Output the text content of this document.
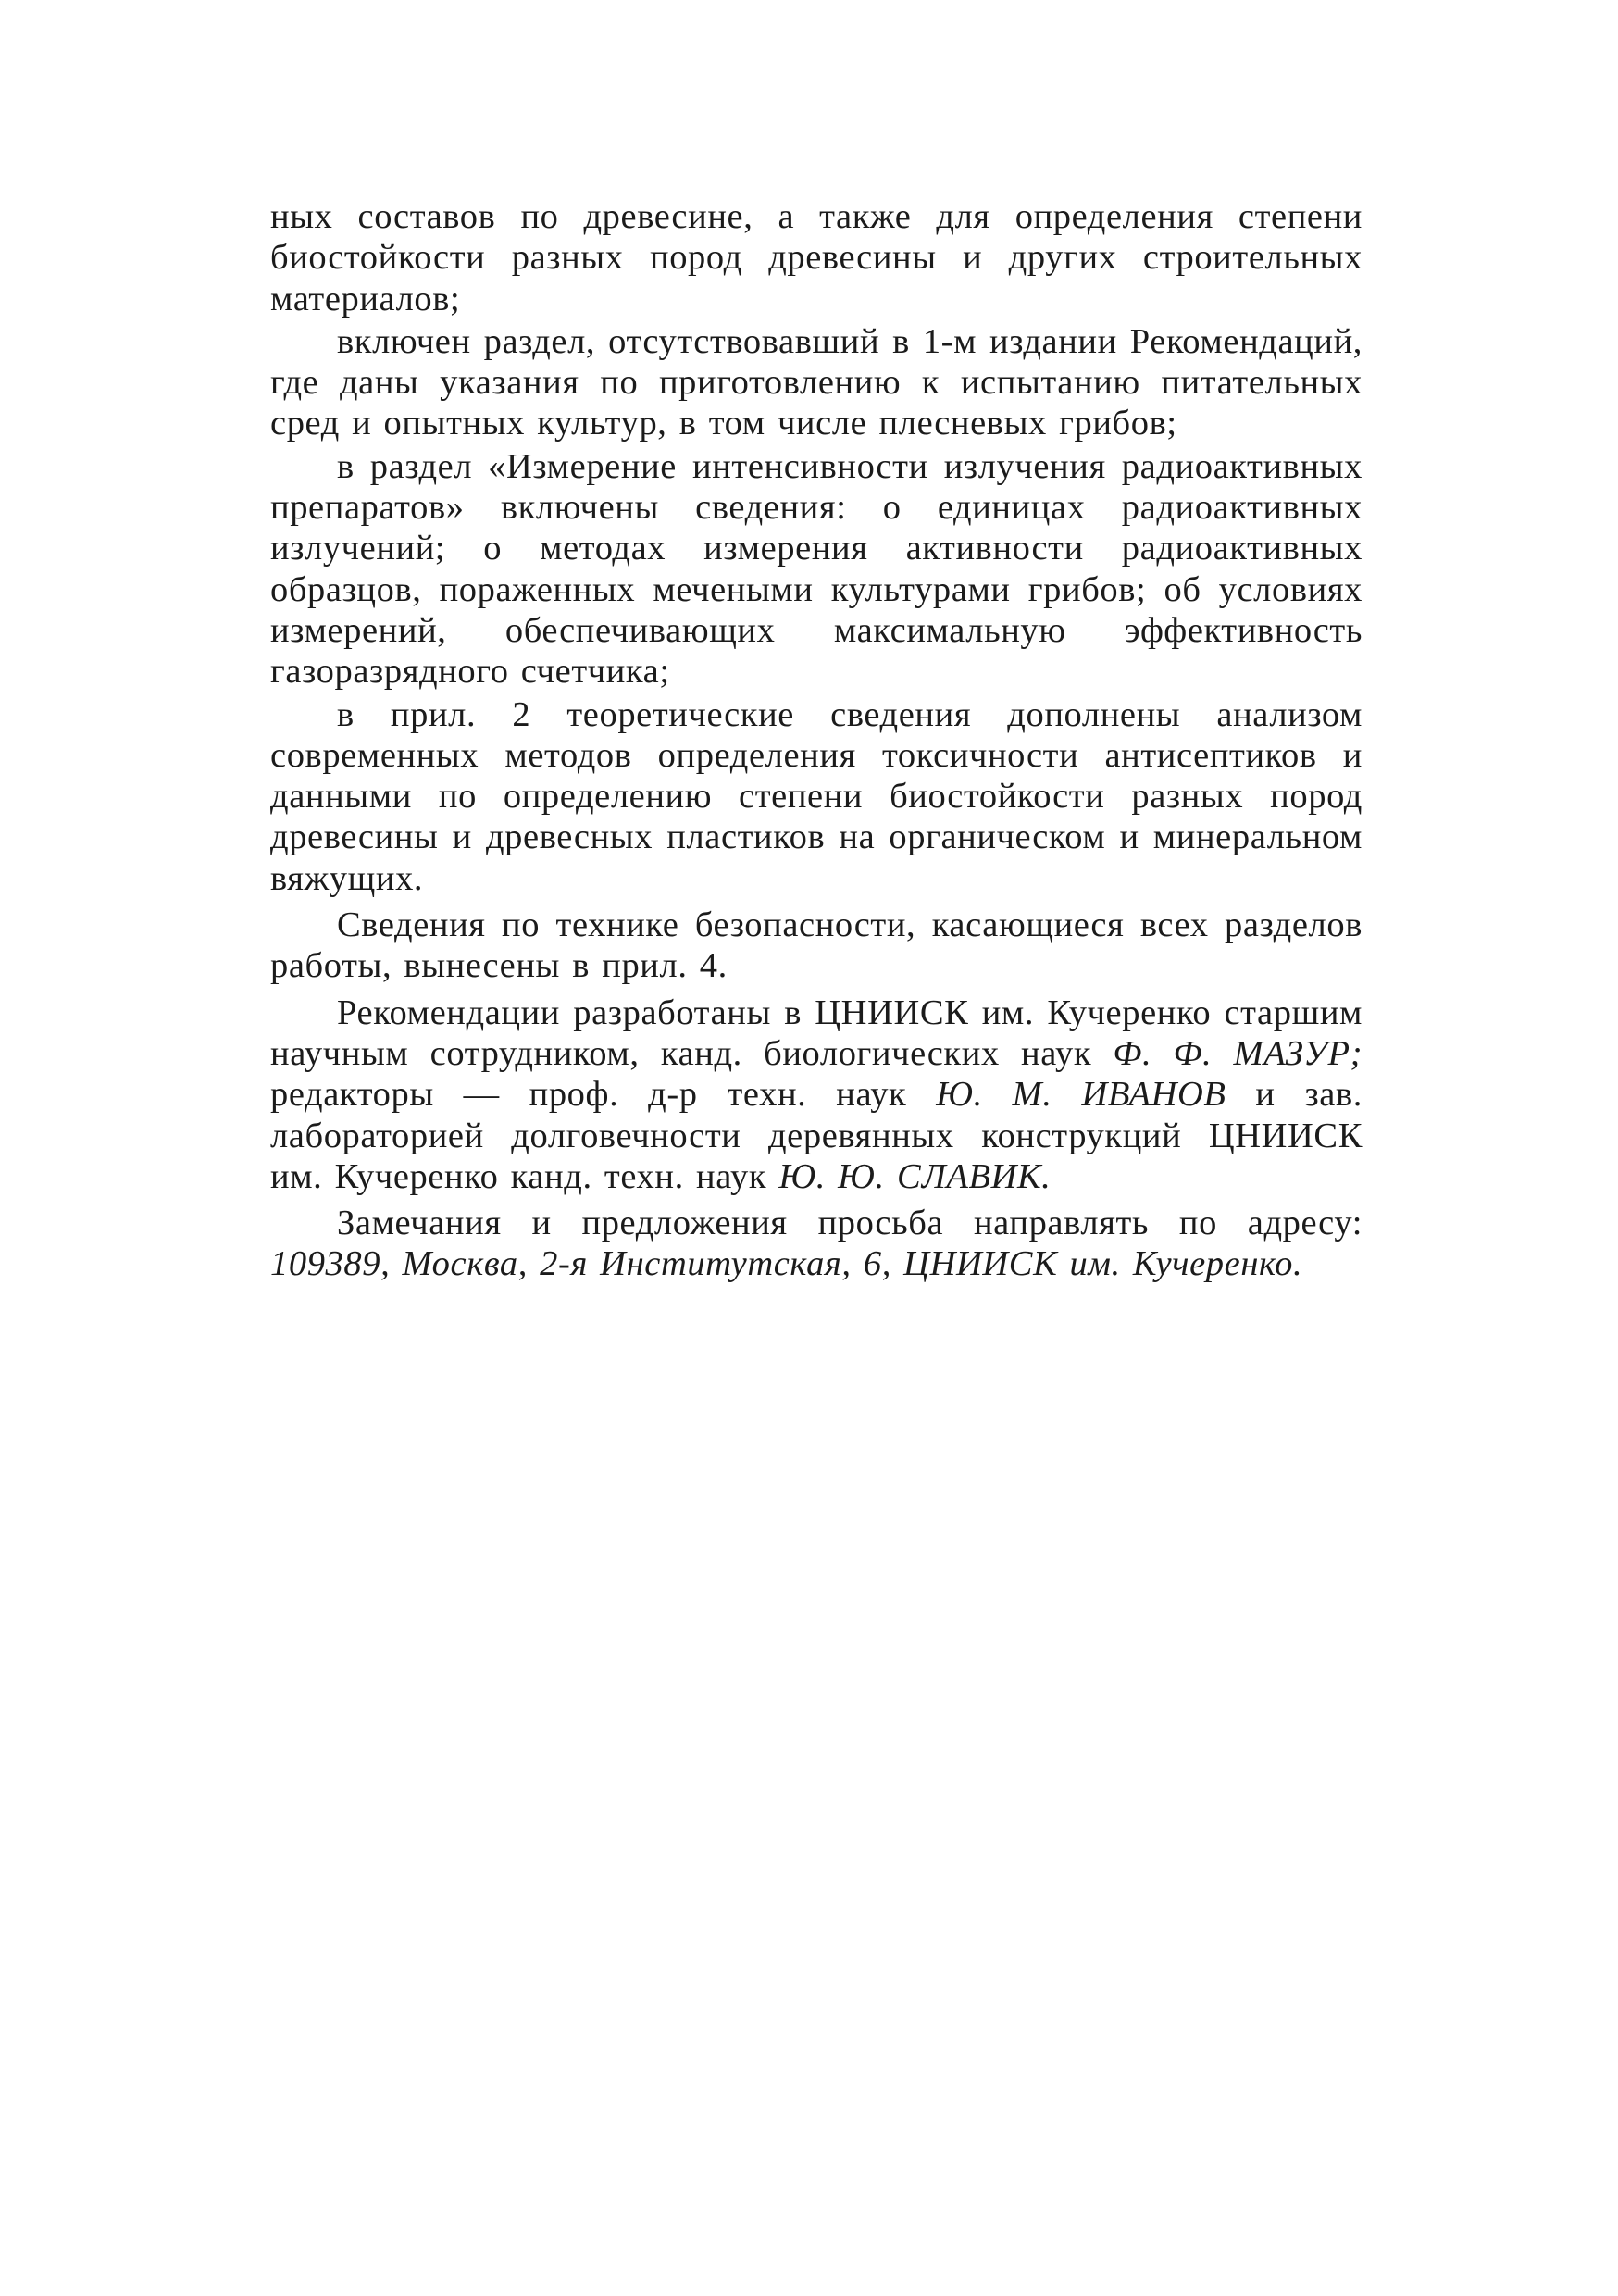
ных составов по древесине, а также для определения степени биостойкости разных пород древесины и других строительных материалов;

включен раздел, отсутствовавший в 1-м издании Рекомендаций, где даны указания по приготовлению к испытанию питательных сред и опытных культур, в том числе плесневых грибов;

в раздел «Измерение интенсивности излучения радиоактивных препаратов» включены сведения: о единицах радиоактивных излучений; о методах измерения активности радиоактивных образцов, пораженных мечеными культурами грибов; об условиях измерений, обеспечивающих максимальную эффективность газоразрядного счетчика;

в прил. 2 теоретические сведения дополнены анализом современных методов определения токсичности антисептиков и данными по определению степени биостойкости разных пород древесины и древесных пластиков на органическом и минеральном вяжущих.

Сведения по технике безопасности, касающиеся всех разделов работы, вынесены в прил. 4.

Рекомендации разработаны в ЦНИИСК им. Кучеренко старшим научным сотрудником, канд. биологических наук Ф. Ф. МАЗУР; редакторы — проф. д-р техн. наук Ю. М. ИВАНОВ и зав. лабораторией долговечности деревянных конструкций ЦНИИСК им. Кучеренко канд. техн. наук Ю. Ю. СЛАВИК.

Замечания и предложения просьба направлять по адресу: 109389, Москва, 2-я Институтская, 6, ЦНИИСК им. Кучеренко.
